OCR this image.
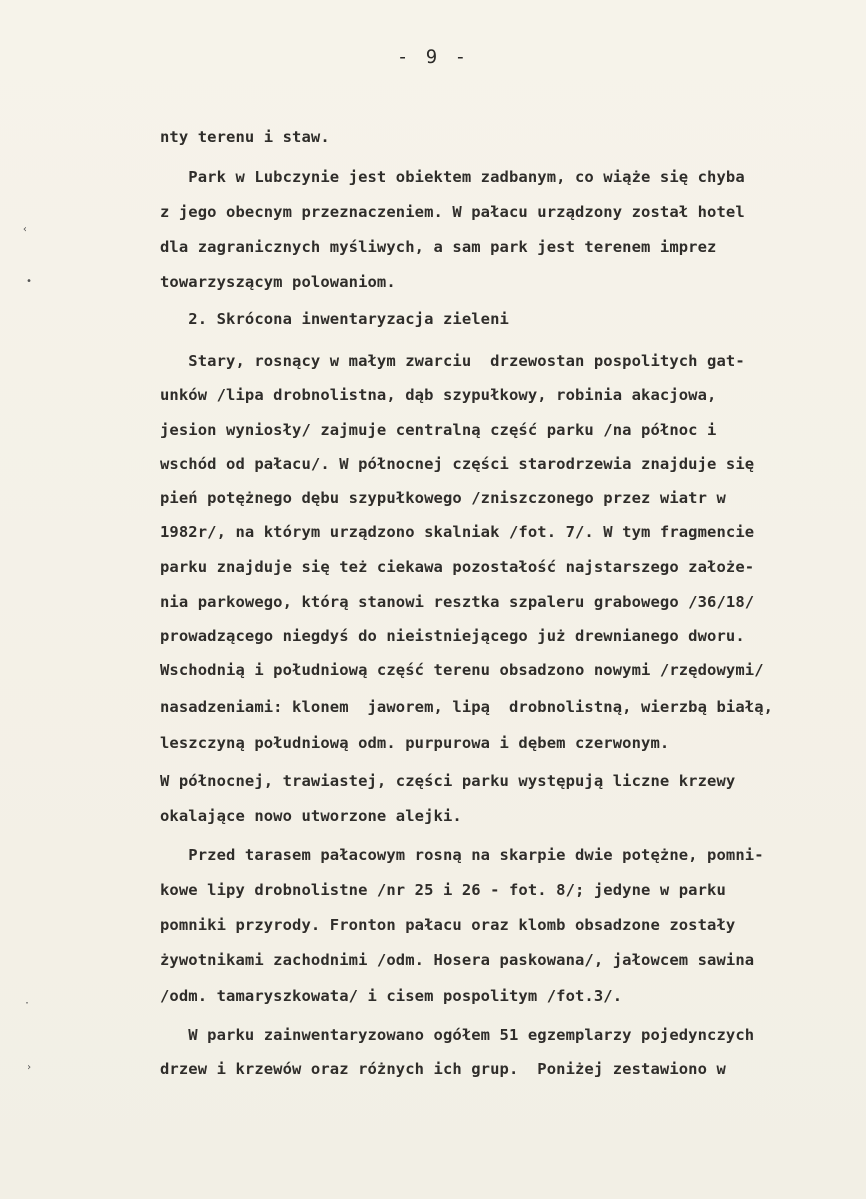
- 9 -
‹
•
·
›
nty terenu i staw.
Park w Lubczynie jest obiektem zadbanym, co wiąże się chyba
z jego obecnym przeznaczeniem. W pałacu urządzony został hotel
dla zagranicznych myśliwych, a sam park jest terenem imprez
towarzyszącym polowaniom.
2. Skrócona inwentaryzacja zieleni
Stary, rosnący w małym zwarciu  drzewostan pospolitych gat-
unków /lipa drobnolistna, dąb szypułkowy, robinia akacjowa,
jesion wyniosły/ zajmuje centralną część parku /na północ i
wschód od pałacu/. W północnej części starodrzewia znajduje się
pień potężnego dębu szypułkowego /zniszczonego przez wiatr w
1982r/, na którym urządzono skalniak /fot. 7/. W tym fragmencie
parku znajduje się też ciekawa pozostałość najstarszego założe-
nia parkowego, którą stanowi resztka szpaleru grabowego /36/18/
prowadzącego niegdyś do nieistniejącego już drewnianego dworu.
Wschodnią i południową część terenu obsadzono nowymi /rzędowymi/
nasadzeniami: klonem  jaworem, lipą  drobnolistną, wierzbą białą,
leszczyną południową odm. purpurowa i dębem czerwonym.
W północnej, trawiastej, części parku występują liczne krzewy
okalające nowo utworzone alejki.
Przed tarasem pałacowym rosną na skarpie dwie potężne, pomni-
kowe lipy drobnolistne /nr 25 i 26 - fot. 8/; jedyne w parku
pomniki przyrody. Fronton pałacu oraz klomb obsadzone zostały
żywotnikami zachodnimi /odm. Hosera paskowana/, jałowcem sawina
/odm. tamaryszkowata/ i cisem pospolitym /fot.3/.
W parku zainwentaryzowano ogółem 51 egzemplarzy pojedynczych
drzew i krzewów oraz różnych ich grup.  Poniżej zestawiono w
